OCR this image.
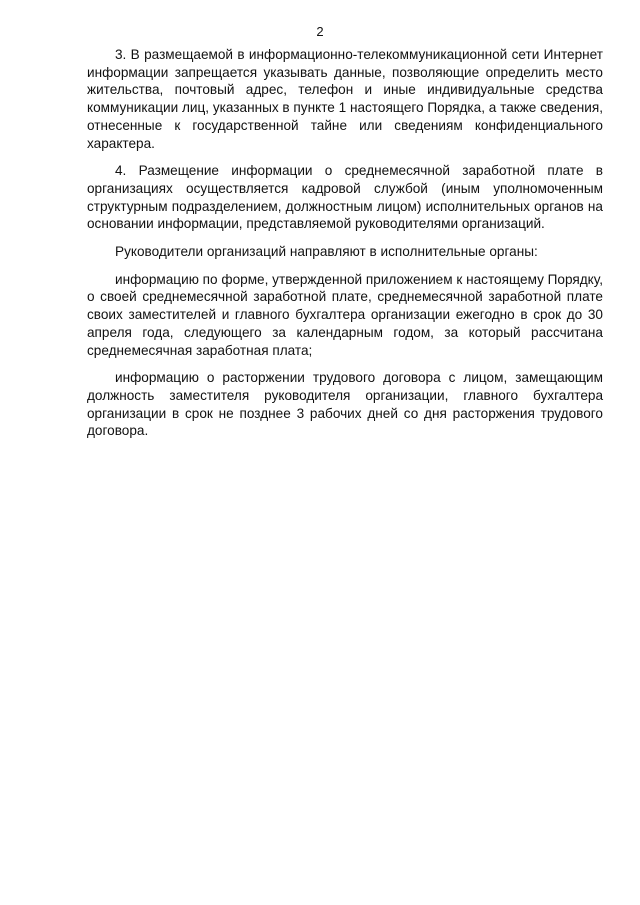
2

3. В размещаемой в информационно-телекоммуникационной сети Интернет информации запрещается указывать данные, позволяющие определить место жительства, почтовый адрес, телефон и иные индивидуальные средства коммуникации лиц, указанных в пункте 1 настоящего Порядка, а также сведения, отнесенные к государственной тайне или сведениям конфиденциального характера.

4. Размещение информации о среднемесячной заработной плате в организациях осуществляется кадровой службой (иным уполномоченным структурным подразделением, должностным лицом) исполнительных органов на основании информации, представляемой руководителями организаций.

Руководители организаций направляют в исполнительные органы:

информацию по форме, утвержденной приложением к настоящему Порядку, о своей среднемесячной заработной плате, среднемесячной заработной плате своих заместителей и главного бухгалтера организации ежегодно в срок до 30 апреля года, следующего за календарным годом, за который рассчитана среднемесячная заработная плата;

информацию о расторжении трудового договора с лицом, замещающим должность заместителя руководителя организации, главного бухгалтера организации в срок не позднее 3 рабочих дней со дня расторжения трудового договора.
